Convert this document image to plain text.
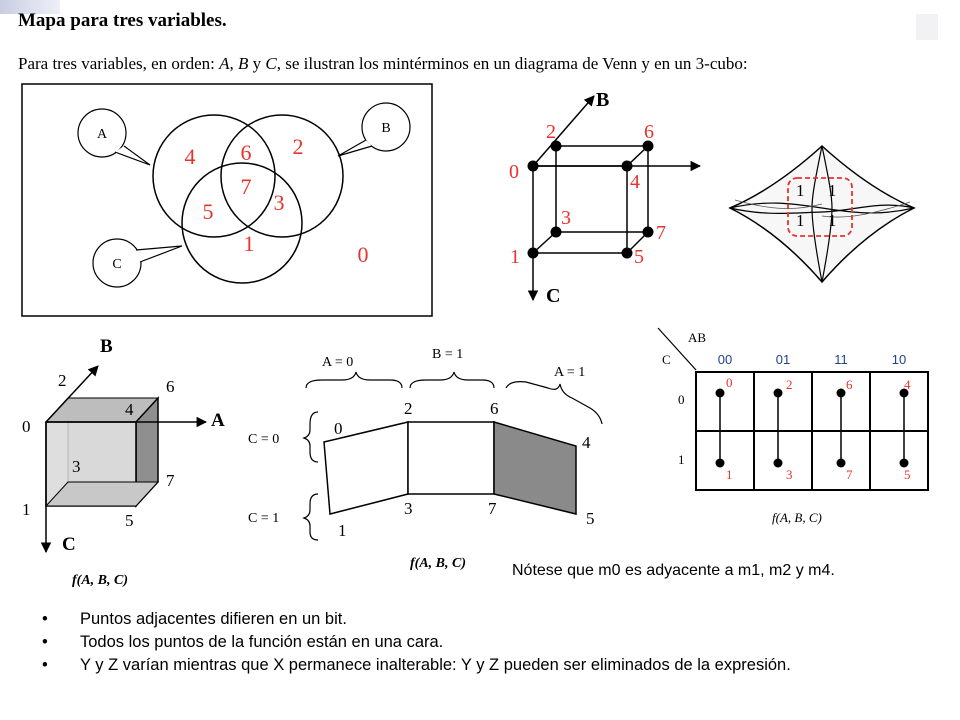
Mapa para tres variables.
Para tres variables, en orden: A, B y C, se ilustran los mintérminos en un diagrama de Venn y en un 3-cubo:
A	B
C
4 6 2
7
5	3
1	0
B
C
2	6
0	4
3
7
1	5
1 1
1 1
B
A
C
2	6
0
4
3
7
1
5
f(A, B, C)
A = 0
B = 1
A = 1
C = 0
C = 1
0
2	6
4
1
3	7
5
f(A, B, C)
AB
C	00	01	11	10
0
1
0	2	6	4
1	3	7	5
f(A, B, C)
Nótese que m0 es adyacente a m1, m2 y m4.
• Puntos adjacentes difieren en un bit.
• Todos los puntos de la función están en una cara.
• Y y Z varían mientras que X permanece inalterable: Y y Z pueden ser eliminados de la expresión.
